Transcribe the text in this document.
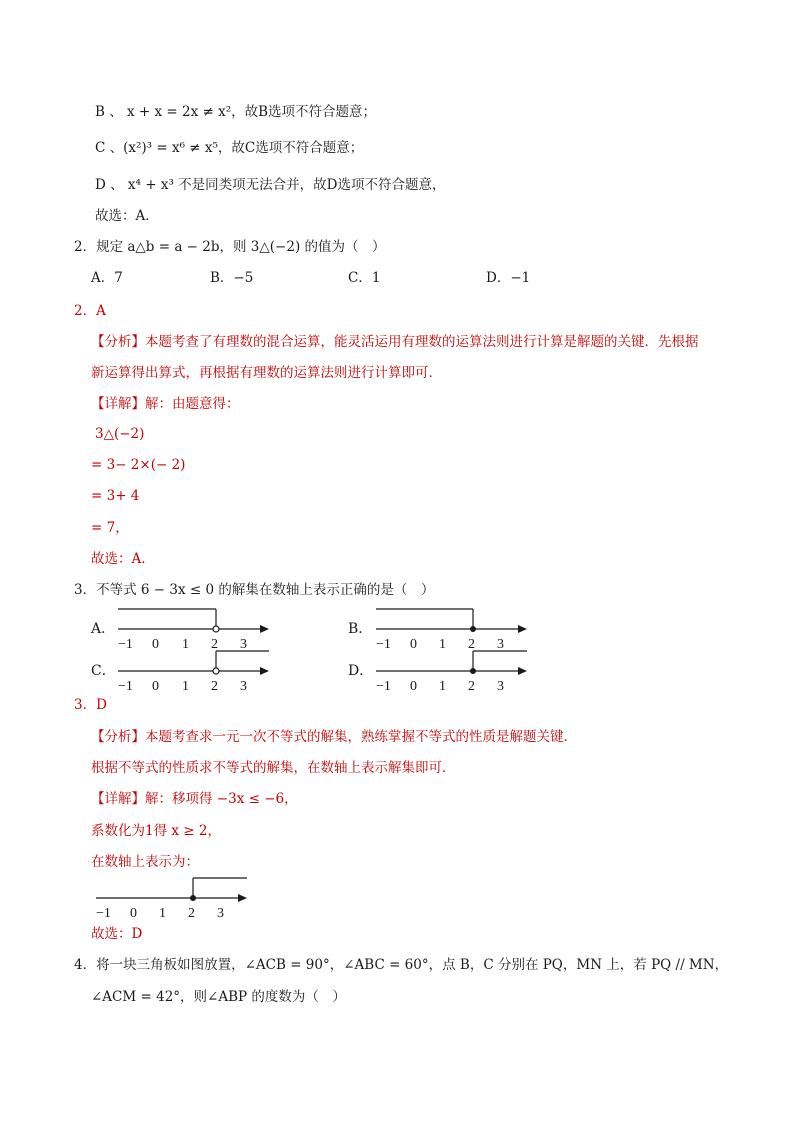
B 、 x + x = 2x ≠ x²，故B选项不符合题意；
C 、(x²)³ = x⁶ ≠ x⁵，故C选项不符合题意；
D 、 x⁴ + x³ 不是同类项无法合并，故D选项不符合题意，
故选：A．
2．规定 a△b = a − 2b，则 3△(−2) 的值为（　）
A．7	B．−5	C．1	D．−1
2．A
【分析】本题考查了有理数的混合运算，能灵活运用有理数的运算法则进行计算是解题的关键．先根据
新运算得出算式，再根据有理数的运算法则进行计算即可．
【详解】解：由题意得：
3△(−2)
= 3− 2×(− 2)
= 3+ 4
= 7，
故选：A．
3．不等式 6 − 3x ≤ 0 的解集在数轴上表示正确的是（　）
A．	B．
C．	D．
−1 0 1 2 3	−1 0 1 2 3
−1 0 1 2 3	−1 0 1 2 3
3．D
【分析】本题考查求一元一次不等式的解集，熟练掌握不等式的性质是解题关键．
根据不等式的性质求不等式的解集，在数轴上表示解集即可．
【详解】解：移项得 −3x ≤ −6，
系数化为1得 x ≥ 2，
在数轴上表示为：
−1 0 1 2 3
故选：D
4．将一块三角板如图放置，∠ACB = 90°，∠ABC = 60°，点 B，C 分别在 PQ，MN 上，若 PQ // MN，
∠ACM = 42°，则∠ABP 的度数为（　）
